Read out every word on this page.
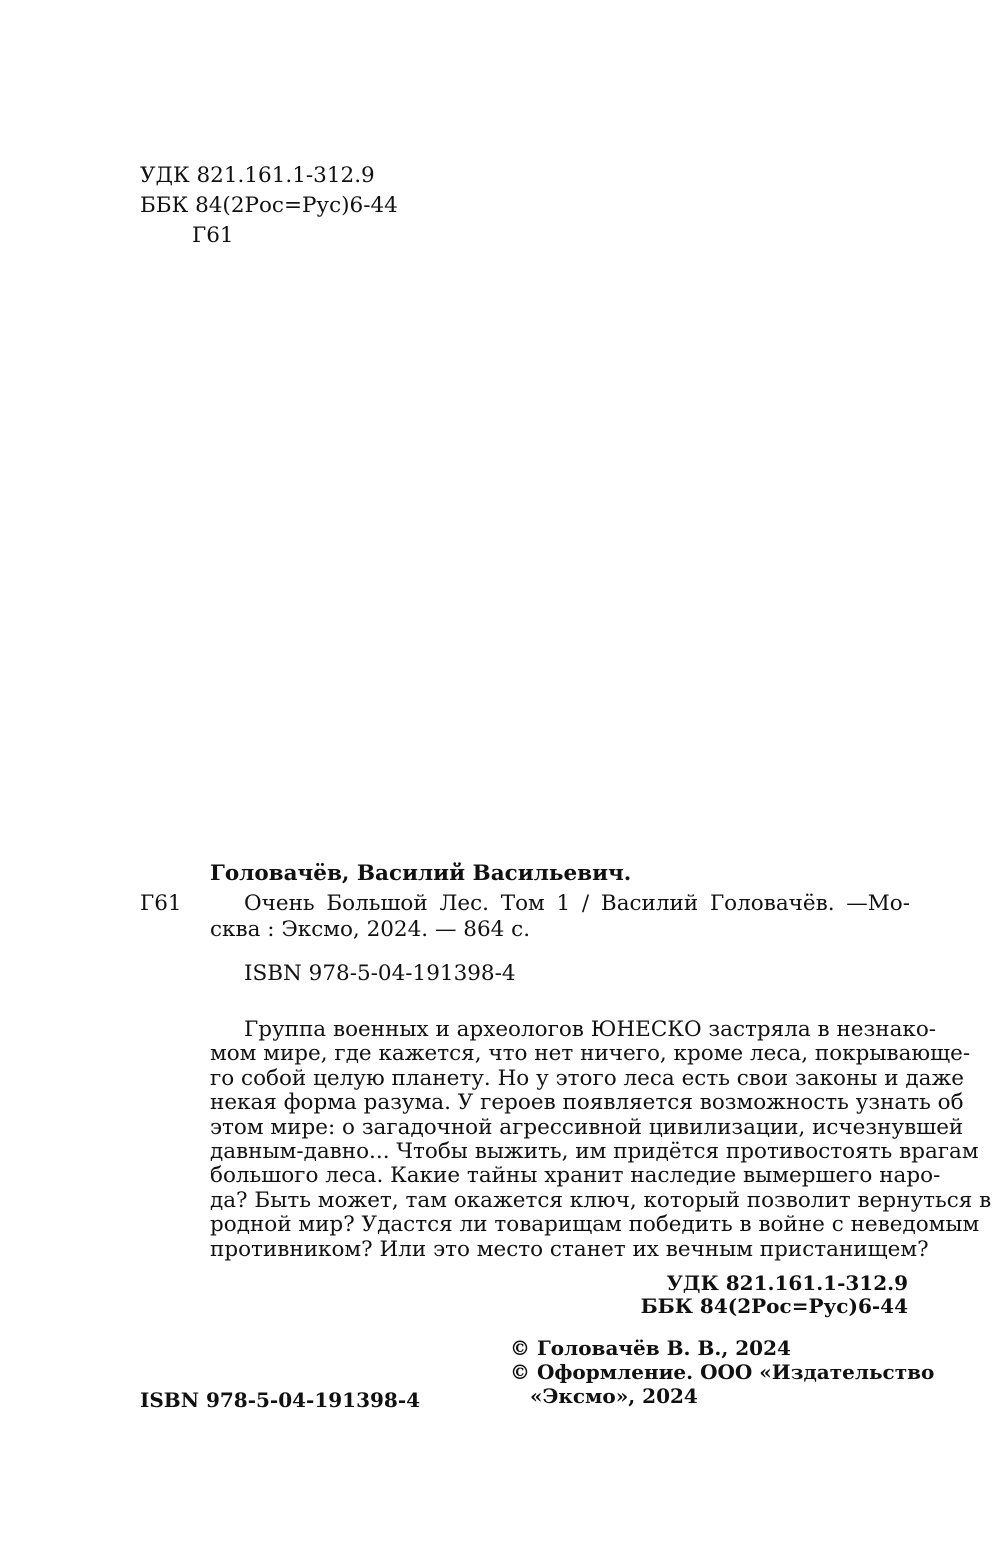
УДК 821.161.1-312.9
ББК 84(2Рос=Рус)6-44
Г61
Головачёв, Василий Васильевич.
Г61	Очень Большой Лес. Том 1 / Василий Головачёв. —Мо-
сква : Эксмо, 2024. — 864 с.
ISBN 978-5-04-191398-4
Группа военных и археологов ЮНЕСКО застряла в незнако-
мом мире, где кажется, что нет ничего, кроме леса, покрывающе-
го собой целую планету. Но у этого леса есть свои законы и даже
некая форма разума. У героев появляется возможность узнать об
этом мире: о загадочной агрессивной цивилизации, исчезнувшей
давным-давно... Чтобы выжить, им придётся противостоять врагам
большого леса. Какие тайны хранит наследие вымершего наро-
да? Быть может, там окажется ключ, который позволит вернуться в
родной мир? Удастся ли товарищам победить в войне с неведомым
противником? Или это место станет их вечным пристанищем?
УДК 821.161.1-312.9
ББК 84(2Рос=Рус)6-44
ISBN 978-5-04-191398-4
© Головачёв В. В., 2024
© Оформление. ООО «Издательство
«Эксмо», 2024
